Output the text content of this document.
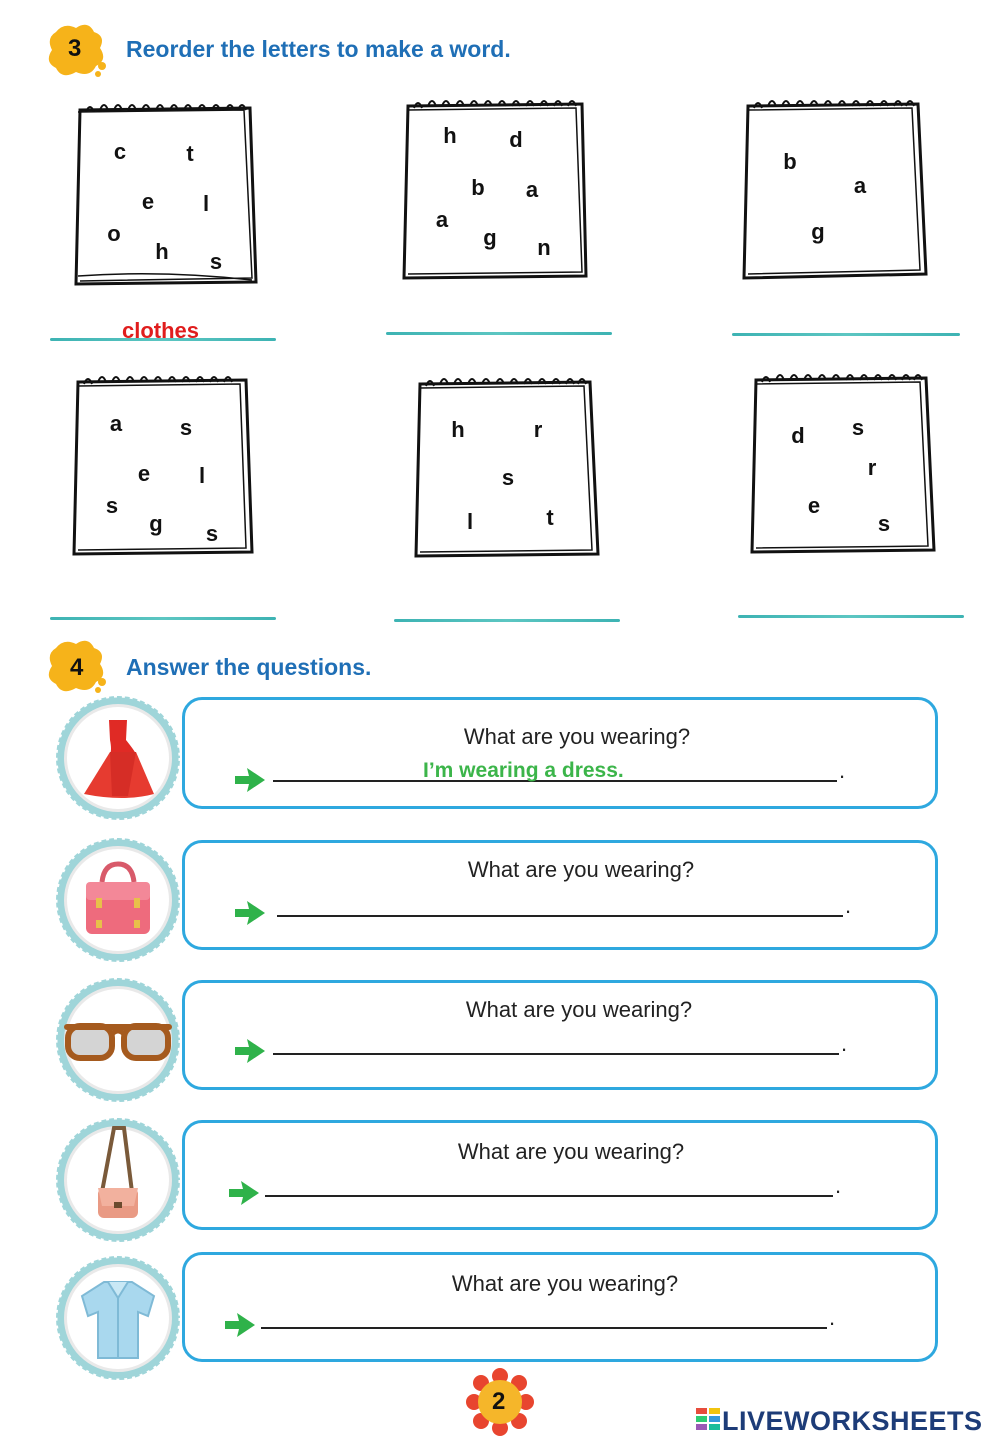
3 Reorder the letters to make a word.
c	t
e l
o
h s
h d
b a
a
g n
b
a
g
clothes
a	s
e l
s
g s
h	r
s
l	t
d s
r
e
s
4 Answer the questions.
What are you wearing?
.
I’m wearing a dress.
What are you wearing?
.
What are you wearing?
.
What are you wearing?
.
What are you wearing?
.
2
LIVEWORKSHEETS
